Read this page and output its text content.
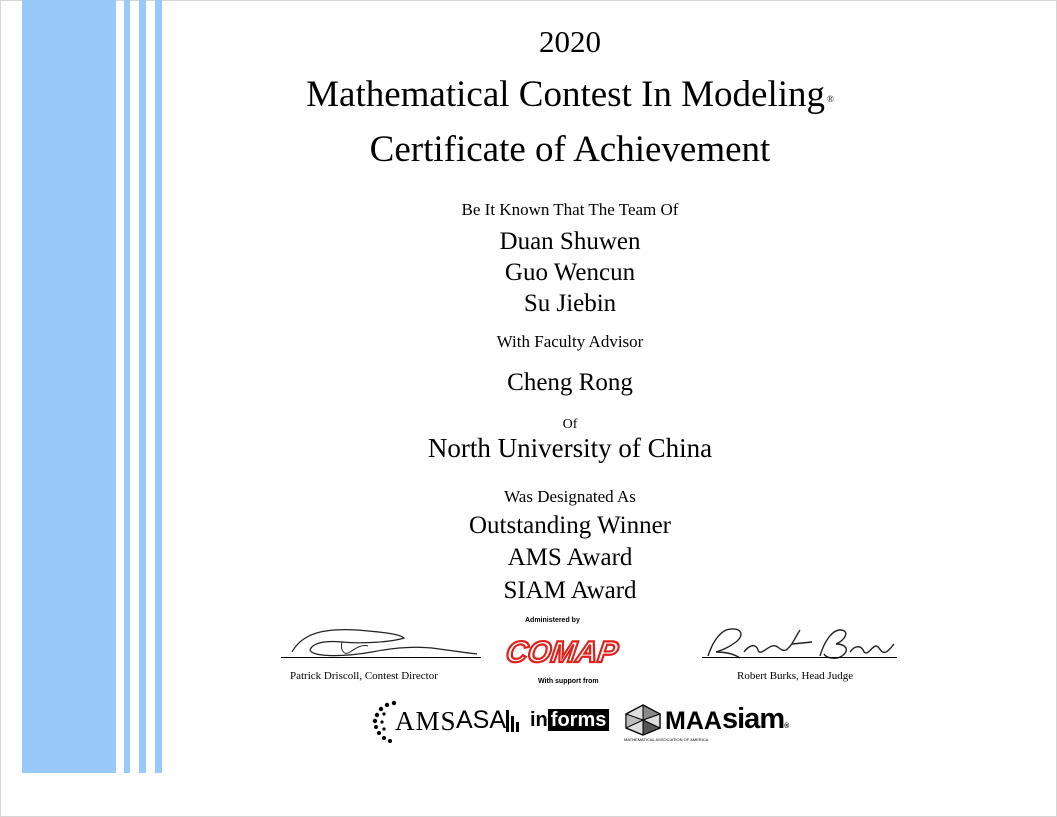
2020
Mathematical Contest In Modeling ®
Certificate of Achievement
Be It Known That The Team Of
Duan Shuwen
Guo Wencun
Su Jiebin
With Faculty Advisor
Cheng Rong
Of
North University of China
Was Designated As
Outstanding Winner
AMS Award
SIAM Award
Patrick Driscoll, Contest Director
Administered by
COMAP
With support from	Robert Burks, Head Judge
AMS ASA in forms MAA
MATHEMATICAL ASSOCIATION OF AMERICA
siam®
